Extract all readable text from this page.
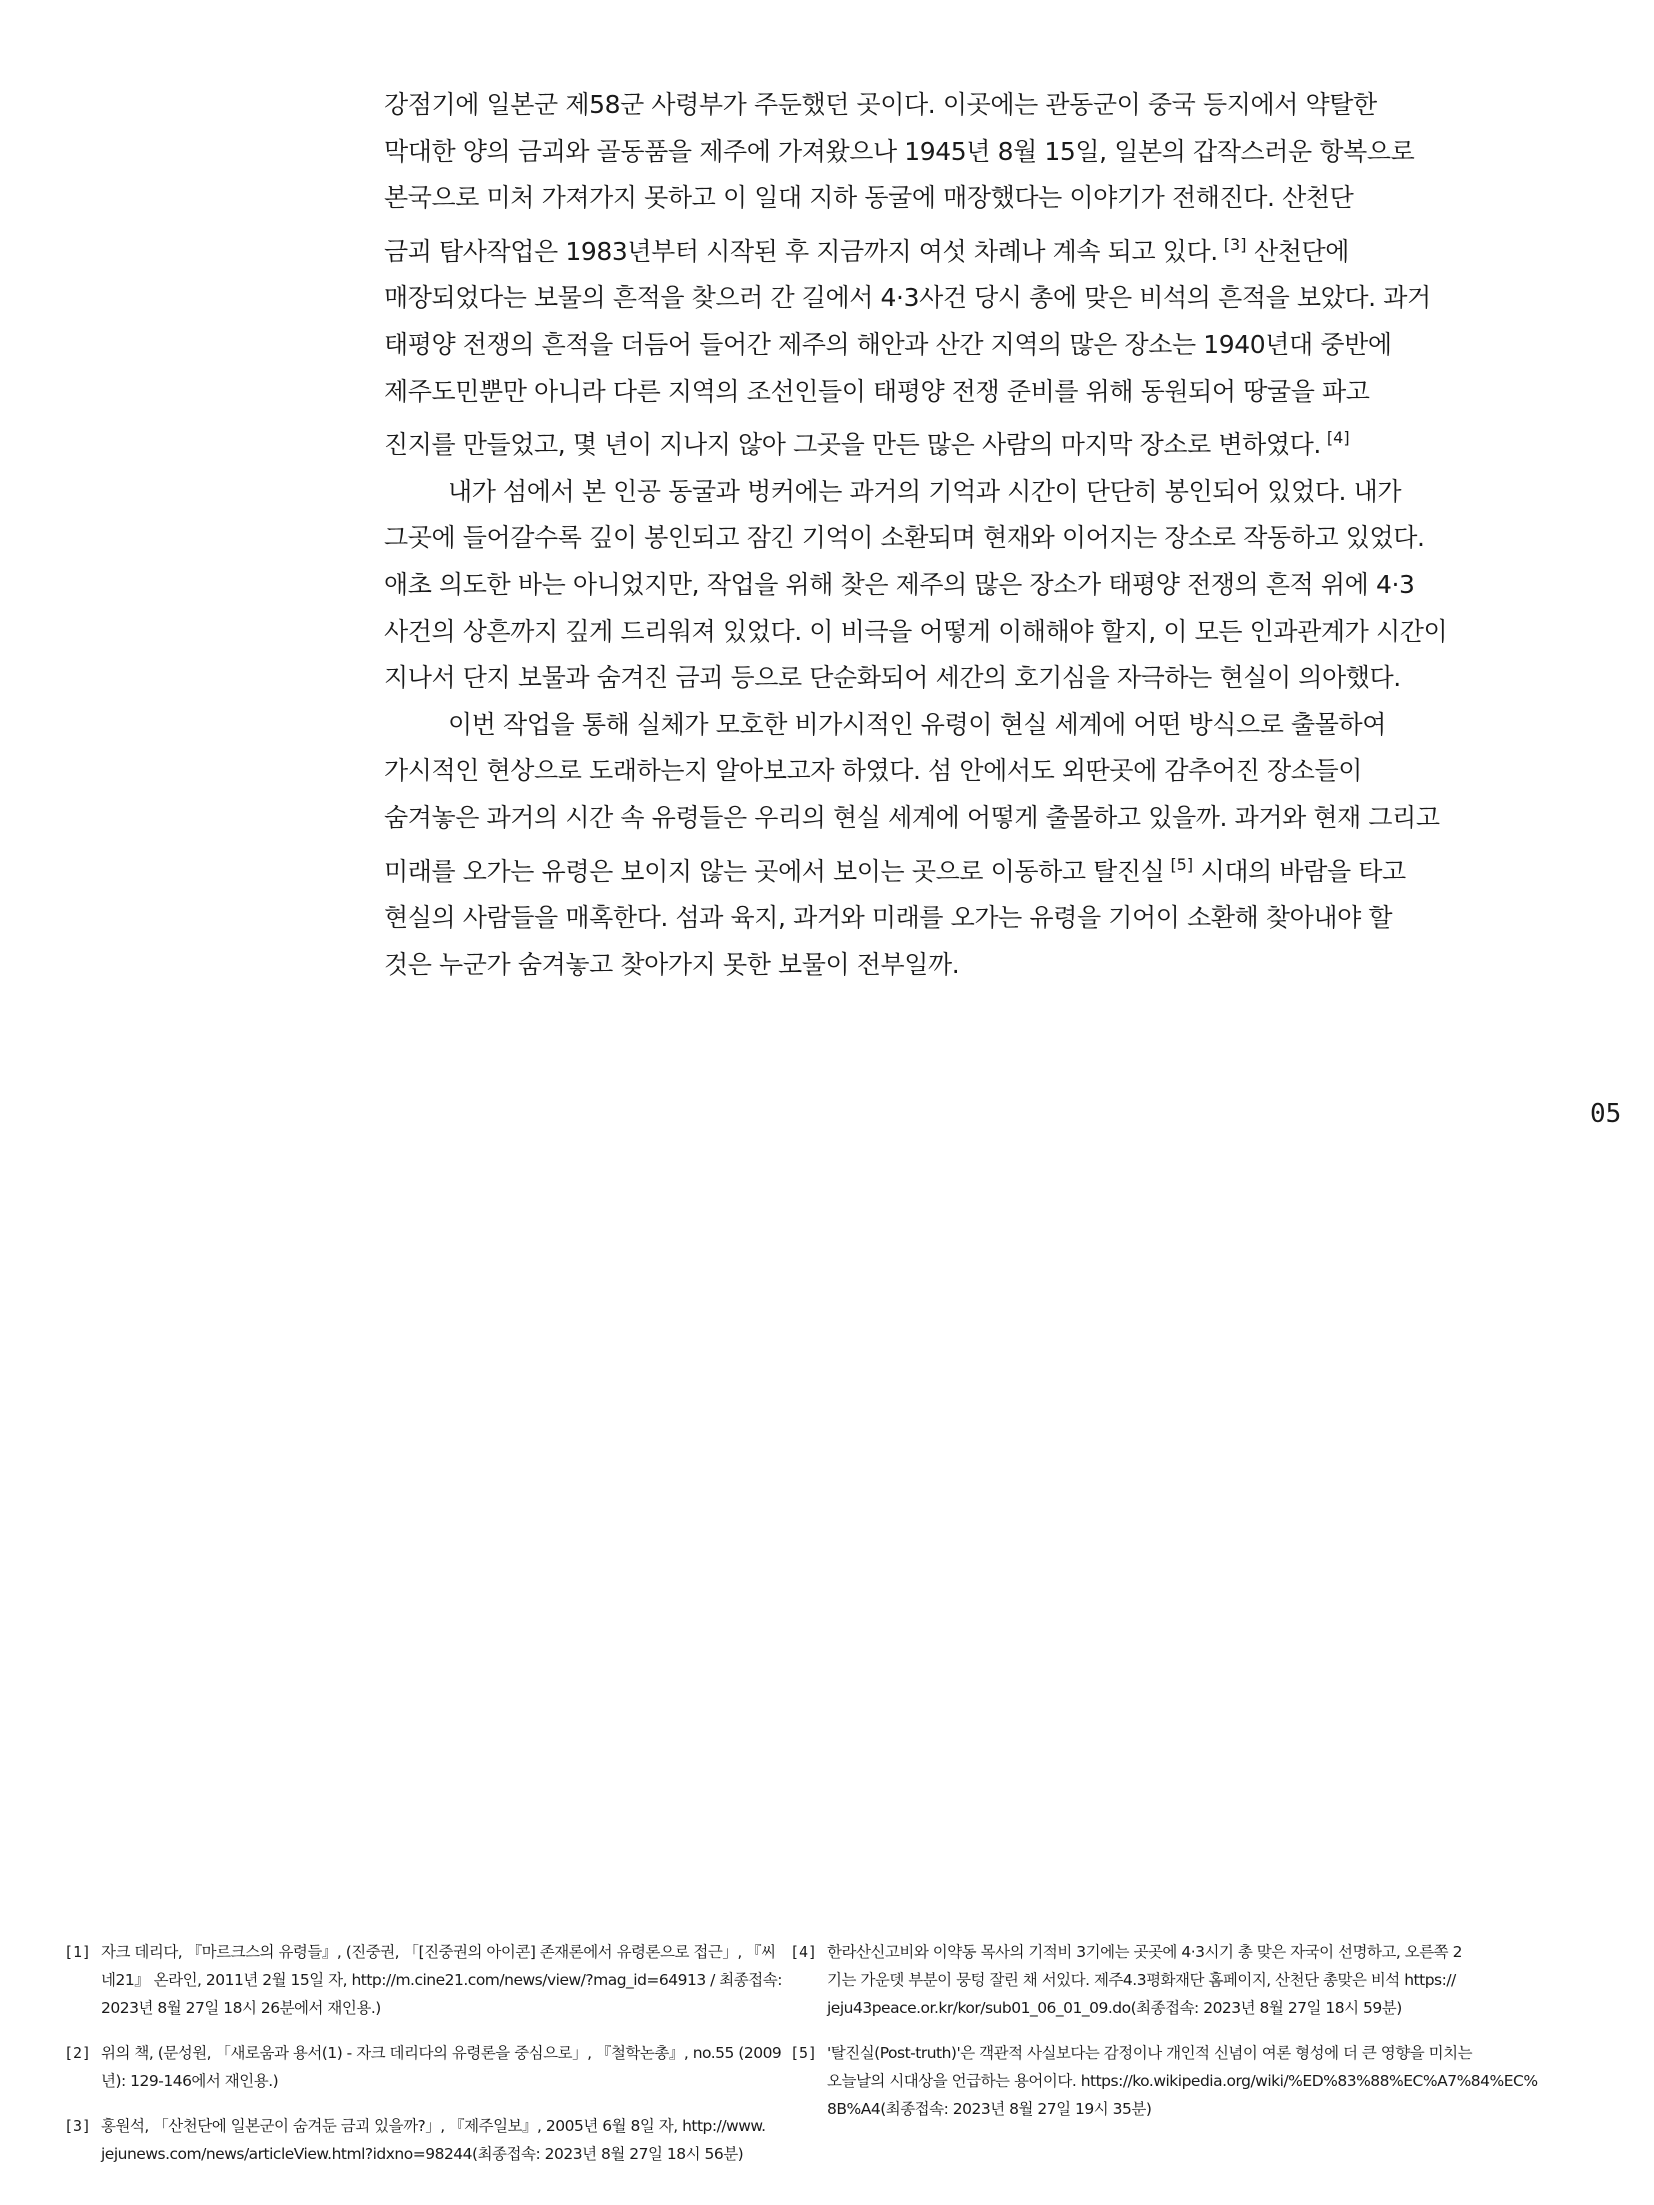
강점기에 일본군 제58군 사령부가 주둔했던 곳이다. 이곳에는 관동군이 중국 등지에서 약탈한
막대한 양의 금괴와 골동품을 제주에 가져왔으나 1945년 8월 15일, 일본의 갑작스러운 항복으로
본국으로 미처 가져가지 못하고 이 일대 지하 동굴에 매장했다는 이야기가 전해진다. 산천단
금괴 탐사작업은 1983년부터 시작된 후 지금까지 여섯 차례나 계속 되고 있다. [3] 산천단에
매장되었다는 보물의 흔적을 찾으러 간 길에서 4·3사건 당시 총에 맞은 비석의 흔적을 보았다. 과거
태평양 전쟁의 흔적을 더듬어 들어간 제주의 해안과 산간 지역의 많은 장소는 1940년대 중반에
제주도민뿐만 아니라 다른 지역의 조선인들이 태평양 전쟁 준비를 위해 동원되어 땅굴을 파고
진지를 만들었고, 몇 년이 지나지 않아 그곳을 만든 많은 사람의 마지막 장소로 변하였다. [4]
내가 섬에서 본 인공 동굴과 벙커에는 과거의 기억과 시간이 단단히 봉인되어 있었다. 내가
그곳에 들어갈수록 깊이 봉인되고 잠긴 기억이 소환되며 현재와 이어지는 장소로 작동하고 있었다.
애초 의도한 바는 아니었지만, 작업을 위해 찾은 제주의 많은 장소가 태평양 전쟁의 흔적 위에 4·3
사건의 상흔까지 깊게 드리워져 있었다. 이 비극을 어떻게 이해해야 할지, 이 모든 인과관계가 시간이
지나서 단지 보물과 숨겨진 금괴 등으로 단순화되어 세간의 호기심을 자극하는 현실이 의아했다.
이번 작업을 통해 실체가 모호한 비가시적인 유령이 현실 세계에 어떤 방식으로 출몰하여
가시적인 현상으로 도래하는지 알아보고자 하였다. 섬 안에서도 외딴곳에 감추어진 장소들이
숨겨놓은 과거의 시간 속 유령들은 우리의 현실 세계에 어떻게 출몰하고 있을까. 과거와 현재 그리고
미래를 오가는 유령은 보이지 않는 곳에서 보이는 곳으로 이동하고 탈진실 [5] 시대의 바람을 타고
현실의 사람들을 매혹한다. 섬과 육지, 과거와 미래를 오가는 유령을 기어이 소환해 찾아내야 할
것은 누군가 숨겨놓고 찾아가지 못한 보물이 전부일까.
05
[1] 자크 데리다, 『마르크스의 유령들』, (진중권, 「[진중권의 아이콘] 존재론에서 유령론으로 접근」, 『씨
네21』 온라인, 2011년 2월 15일 자, http://m.cine21.com/news/view/?mag_id=64913 / 최종접속:
2023년 8월 27일 18시 26분에서 재인용.)
[2] 위의 책, (문성원, 「새로움과 용서(1) - 자크 데리다의 유령론을 중심으로」, 『철학논총』, no.55 (2009
년): 129-146에서 재인용.)
[3] 홍원석, 「산천단에 일본군이 숨겨둔 금괴 있을까?」, 『제주일보』, 2005년 6월 8일 자, http://www.
jejunews.com/news/articleView.html?idxno=98244(최종접속: 2023년 8월 27일 18시 56분)
[4] 한라산신고비와 이약동 목사의 기적비 3기에는 곳곳에 4·3시기 총 맞은 자국이 선명하고, 오른쪽 2
기는 가운뎃 부분이 뭉텅 잘린 채 서있다. 제주4.3평화재단 홈페이지, 산천단 총맞은 비석 https://
jeju43peace.or.kr/kor/sub01_06_01_09.do(최종접속: 2023년 8월 27일 18시 59분)
[5] '탈진실(Post-truth)'은 객관적 사실보다는 감정이나 개인적 신념이 여론 형성에 더 큰 영향을 미치는
오늘날의 시대상을 언급하는 용어이다. https://ko.wikipedia.org/wiki/%ED%83%88%EC%A7%84%EC%
8B%A4(최종접속: 2023년 8월 27일 19시 35분)
